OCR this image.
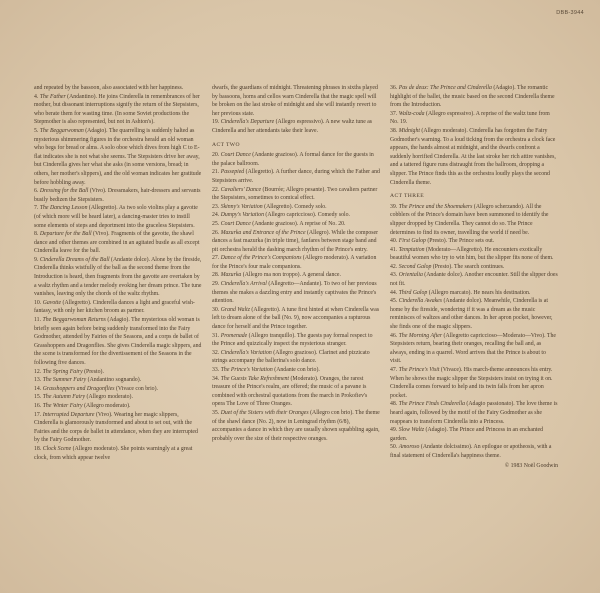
DBB-3944

and repeated by the bassoon, also associated with her happiness.

4. The Father (Andantino). He joins Cinderella in remembrances of her mother, but dissonant interruptions signify the return of the Stepsisters, who berate them for wasting time. (In some Soviet productions the Stepmother is also represented, but not in Ashton's).

5. The Beggarwoman (Adagio). The quarrelling is suddenly halted as mysterious shimmering figures in the orchestra herald an old woman who begs for bread or alms. A solo oboe which dives from high C to E-flat indicates she is not what she seems. The Stepsisters drive her away, but Cinderella gives her what she asks (in some versions, bread; in others, her mother's slippers), and the old woman indicates her gratitude before hobbling away.

6. Dressing for the Ball (Vivo). Dressmakers, hair-dressers and servants busily bedizen the Stepsisters.

7. The Dancing Lesson (Allegretto). As two solo violins play a gavotte (of which more will be heard later), a dancing-master tries to instill some elements of steps and deportment into the graceless Stepsisters.

8. Departure for the Ball (Vivo). Fragments of the gavotte, the shawl dance and other themes are combined in an agitated bustle as all except Cinderella leave for the ball.

9. Cinderella Dreams of the Ball (Andante dolce). Alone by the fireside, Cinderella thinks wistfully of the ball as the second theme from the Introduction is heard, then fragments from the gavotte are overtaken by a waltz rhythm and a tender melody evoking her dream prince. The tune vanishes, leaving only the chords of the waltz rhythm.

10. Gavotte (Allegretto). Cinderella dances a light and graceful wish-fantasy, with only her kitchen broom as partner.

11. The Beggarwoman Returns (Adagio). The mysterious old woman is briefly seen again before being suddenly transformed into the Fairy Godmother, attended by Fairies of the Seasons, and a corps de ballet of Grasshoppers and Dragonflies. She gives Cinderella magic slippers, and the scene is transformed for the divertissement of the Seasons in the following five dances.

12. The Spring Fairy (Presto).

13. The Summer Fairy (Andantino sognando).

14. Grasshoppers and Dragonflies (Vivace con brio).

15. The Autumn Fairy (Allegro moderato).

16. The Winter Fairy (Allegro moderato).

17. Interrupted Departure (Vivo). Wearing her magic slippers, Cinderella is glamorously transformed and about to set out, with the Fairies and the corps de ballet in attendance, when they are interrupted by the Fairy Godmother.

18. Clock Scene (Allegro moderato). She points warningly at a great clock, from which appear twelve

dwarfs, the guardians of midnight. Threatening phrases in sixths played by bassoons, horns and cellos warn Cinderella that the magic spell will be broken on the last stroke of midnight and she will instantly revert to her previous state.

19. Cinderella's Departure (Allegro espressivo). A new waltz tune as Cinderella and her attendants take their leave.

ACT TWO

20. Court Dance (Andante grazioso). A formal dance for the guests in the palace ballroom.

21. Passepied (Allegretto). A further dance, during which the Father and Stepsisters arrive.

22. Cavaliers' Dance (Bourrée; Allegro pesante). Two cavaliers partner the Stepsisters, sometimes to comical effect.

23. Skinny's Variation (Allegretto). Comedy solo.

24. Dumpy's Variation (Allegro capriccioso). Comedy solo.

25. Court Dance (Andante grazioso). A reprise of No. 20.

26. Mazurka and Entrance of the Prince (Allegro). While the composer dances a fast mazurka (in triple time), fanfares between stage band and pit orchestra herald the dashing march rhythm of the Prince's entry.

27. Dance of the Prince's Companions (Allegro moderato). A variation for the Prince's four male companions.

28. Mazurka (Allegro ma non troppo). A general dance.

29. Cinderella's Arrival (Allegretto—Andante). To two of her previous themes she makes a dazzling entry and instantly captivates the Prince's attention.

30. Grand Waltz (Allegretto). A tune first hinted at when Cinderella was left to dream alone of the ball (No. 9), now accompanies a rapturous dance for herself and the Prince together.

31. Promenade (Allegro tranquillo). The guests pay formal respect to the Prince and quizzically inspect the mysterious stranger.

32. Cinderella's Variation (Allegro grazioso). Clarinet and pizzicato strings accompany the ballerina's solo dance.

33. The Prince's Variation (Andante con brio).

34. The Guests Take Refreshment (Moderato). Oranges, the rarest treasure of the Prince's realm, are offered; the music of a pavane is combined with orchestral quotations from the march in Prokofiev's opera The Love of Three Oranges.

35. Duet of the Sisters with their Oranges (Allegro con brio). The theme of the shawl dance (No. 2), now in Leningrad rhythm (6/8), accompanies a dance in which they are usually shown squabbling again, probably over the size of their respective oranges.

36. Pas de deux: The Prince and Cinderella (Adagio). The romantic highlight of the ballet, the music based on the second Cinderella theme from the Introduction.

37. Waltz-coda (Allegro espressivo). A reprise of the waltz tune from No. 19.

38. Midnight (Allegro moderato). Cinderella has forgotten the Fairy Godmother's warning. To a loud ticking from the orchestra a clock face appears, the hands almost at midnight, and the dwarfs confront a suddenly horrified Cinderella. At the last stroke her rich attire vanishes, and a tattered figure runs distraught from the ballroom, dropping a slipper. The Prince finds this as the orchestra loudly plays the second Cinderella theme.

ACT THREE

39. The Prince and the Shoemakers (Allegro scherzando). All the cobblers of the Prince's domain have been summoned to identify the slipper dropped by Cinderella. They cannot do so. The Prince determines to find its owner, travelling the world if need be.

40. First Galop (Presto). The Prince sets out.

41. Temptation (Moderato—Allegretto). He encounters exotically beautiful women who try to win him, but the slipper fits none of them.

42. Second Galop (Presto). The search continues.

43. Orientalia (Andante dolce). Another encounter. Still the slipper does not fit.

44. Third Galop (Allegro marcato). He nears his destination.

45. Cinderella Awakes (Andante dolce). Meanwhile, Cinderella is at home by the fireside, wondering if it was a dream as the music reminisces of waltzes and other dances. In her apron pocket, however, she finds one of the magic slippers.

46. The Morning After (Allegretto capriccioso—Moderato—Vivo). The Stepsisters return, bearing their oranges, recalling the ball and, as always, ending in a quarrel. Word arrives that the Prince is about to visit.

47. The Prince's Visit (Vivace). His march-theme announces his entry. When he shows the magic slipper the Stepsisters insist on trying it on. Cinderella comes forward to help and its twin falls from her apron pocket.

48. The Prince Finds Cinderella (Adagio passionato). The love theme is heard again, followed by the motif of the Fairy Godmother as she reappears to transform Cinderella into a Princess.

49. Slow Waltz (Adagio). The Prince and Princess in an enchanted garden.

50. Amoroso (Andante dolcissimo). An epilogue or apotheosis, with a final statement of Cinderella's happiness theme.

© 1983 Noël Goodwin
